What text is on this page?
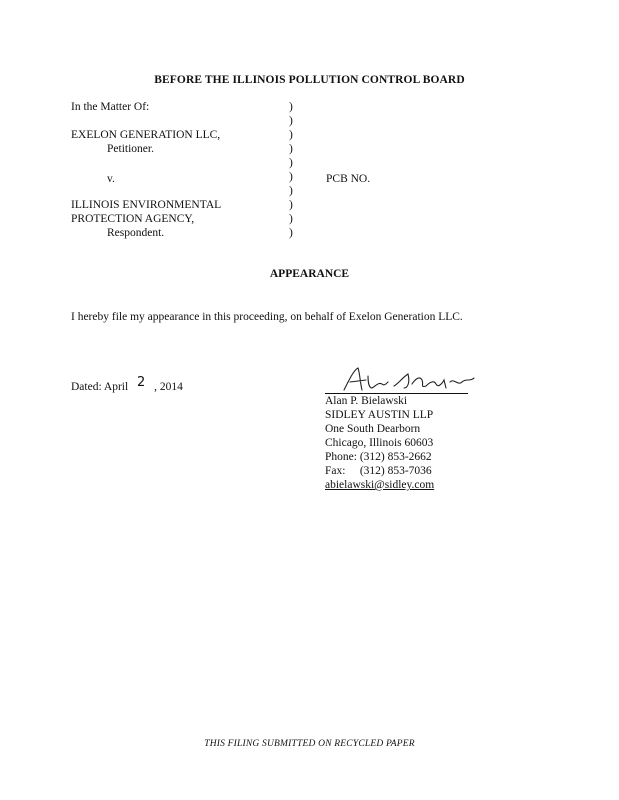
BEFORE THE ILLINOIS POLLUTION CONTROL BOARD
In the Matter Of:
EXELON GENERATION LLC,
Petitioner.
v.
ILLINOIS ENVIRONMENTAL
PROTECTION AGENCY,
Respondent.
)
)
)
)
)
)
)
)
)
)
PCB NO.
APPEARANCE
I hereby file my appearance in this proceeding, on behalf of Exelon Generation LLC.
Dated: April 2 , 2014
Alan P. Bielawski
SIDLEY AUSTIN LLP
One South Dearborn
Chicago, Illinois 60603
Phone: (312) 853-2662
Fax:     (312) 853-7036
abielawski@sidley.com
THIS FILING SUBMITTED ON RECYCLED PAPER
